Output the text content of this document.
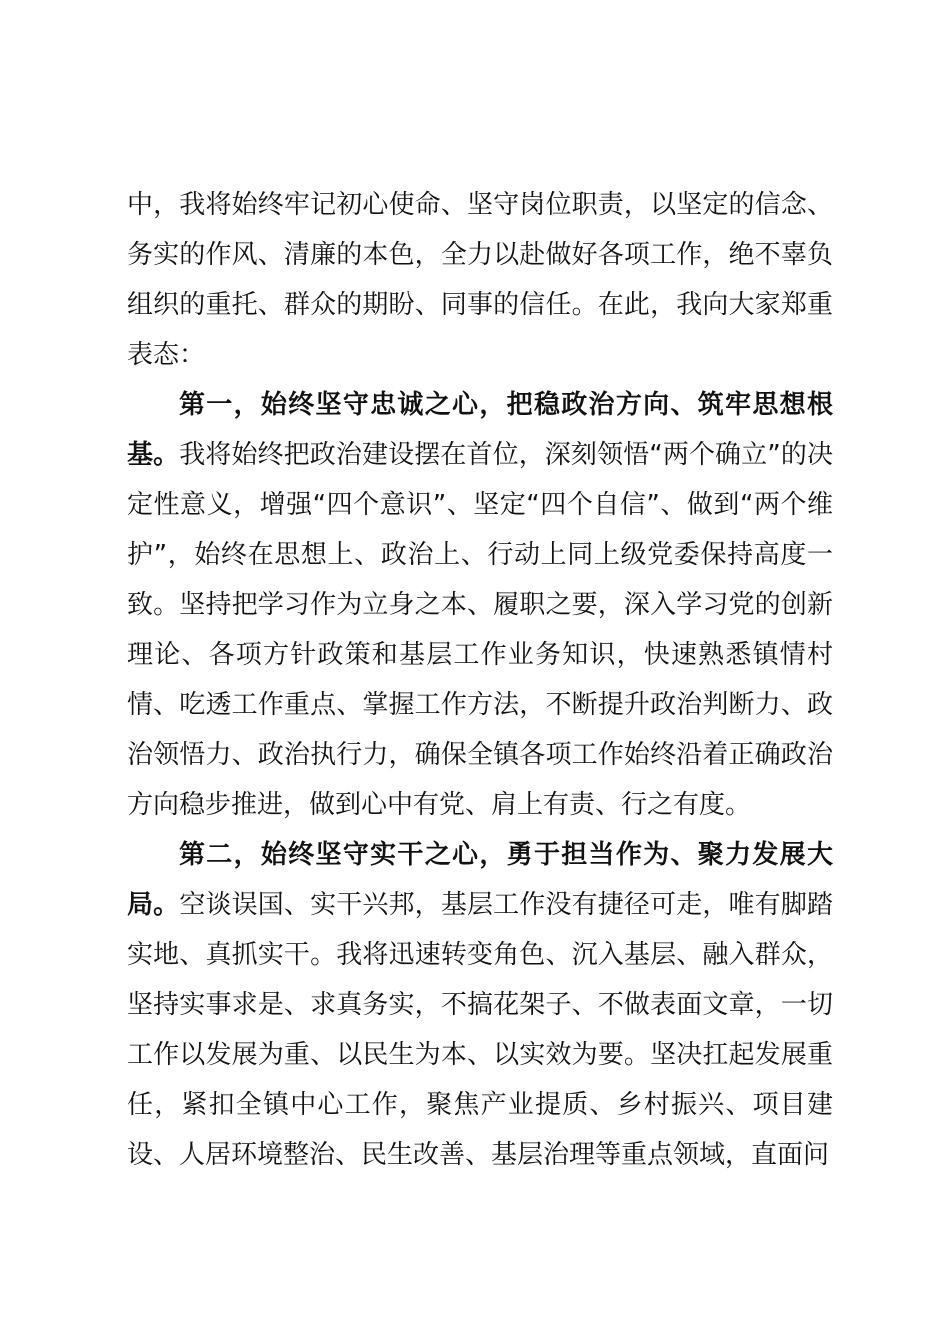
中，我将始终牢记初心使命、坚守岗位职责，以坚定的信念、务实的作风、清廉的本色，全力以赴做好各项工作，绝不辜负组织的重托、群众的期盼、同事的信任。在此，我向大家郑重表态：

第一，始终坚守忠诚之心，把稳政治方向、筑牢思想根基。我将始终把政治建设摆在首位，深刻领悟“两个确立”的决定性意义，增强“四个意识”、坚定“四个自信”、做到“两个维护”，始终在思想上、政治上、行动上同上级党委保持高度一致。坚持把学习作为立身之本、履职之要，深入学习党的创新理论、各项方针政策和基层工作业务知识，快速熟悉镇情村情、吃透工作重点、掌握工作方法，不断提升政治判断力、政治领悟力、政治执行力，确保全镇各项工作始终沿着正确政治方向稳步推进，做到心中有党、肩上有责、行之有度。

第二，始终坚守实干之心，勇于担当作为、聚力发展大局。空谈误国、实干兴邦，基层工作没有捷径可走，唯有脚踏实地、真抓实干。我将迅速转变角色、沉入基层、融入群众，坚持实事求是、求真务实，不搞花架子、不做表面文章，一切工作以发展为重、以民生为本、以实效为要。坚决扛起发展重任，紧扣全镇中心工作，聚焦产业提质、乡村振兴、项目建设、人居环境整治、民生改善、基层治理等重点领域，直面问
